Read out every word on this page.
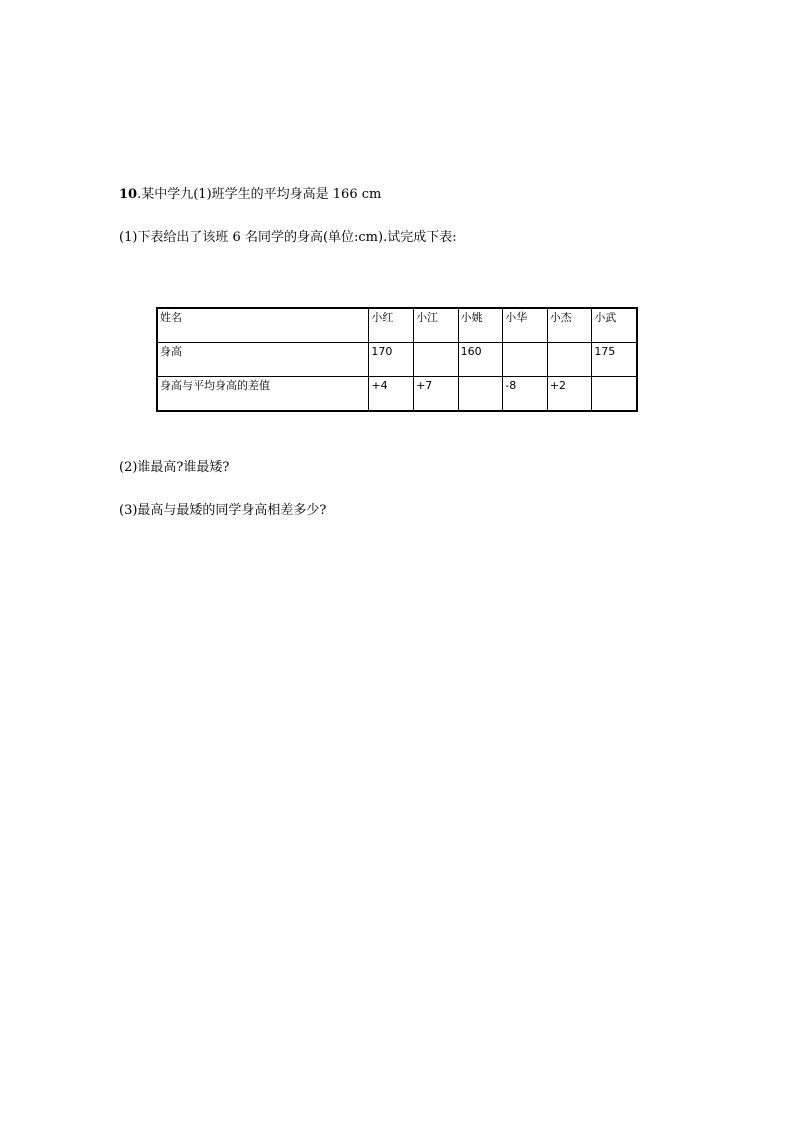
10.某中学九(1)班学生的平均身高是 166 cm
(1)下表给出了该班 6 名同学的身高(单位:cm).试完成下表:
姓名	小红	小江	小姚	小华	小杰	小武
身高	170		160			175
身高与平均身高的差值	+4	+7		-8	+2	
(2)谁最高?谁最矮?
(3)最高与最矮的同学身高相差多少?
